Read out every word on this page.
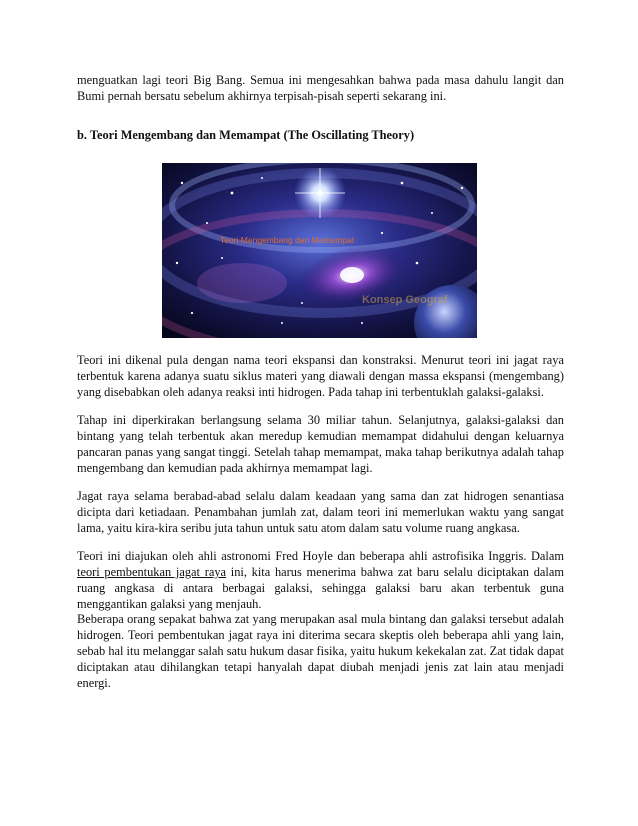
menguatkan lagi teori Big Bang. Semua ini mengesahkan bahwa pada masa dahulu langit dan Bumi pernah bersatu sebelum akhirnya terpisah-pisah seperti sekarang ini.

b. Teori Mengembang dan Memampat (The Oscillating Theory)
Teori Mengembang dan Memampat
Konsep Geograf

Teori ini dikenal pula dengan nama teori ekspansi dan konstraksi. Menurut teori ini jagat raya terbentuk karena adanya suatu siklus materi yang diawali dengan massa ekspansi (mengembang) yang disebabkan oleh adanya reaksi inti hidrogen. Pada tahap ini terbentuklah galaksi-galaksi.

Tahap ini diperkirakan berlangsung selama 30 miliar tahun. Selanjutnya, galaksi-galaksi dan bintang yang telah terbentuk akan meredup kemudian memampat didahului dengan keluarnya pancaran panas yang sangat tinggi. Setelah tahap memampat, maka tahap berikutnya adalah tahap mengembang dan kemudian pada akhirnya memampat lagi.

Jagat raya selama berabad-abad selalu dalam keadaan yang sama dan zat hidrogen senantiasa dicipta dari ketiadaan. Penambahan jumlah zat, dalam teori ini memerlukan waktu yang sangat lama, yaitu kira-kira seribu juta tahun untuk satu atom dalam satu volume ruang angkasa.

Teori ini diajukan oleh ahli astronomi Fred Hoyle dan beberapa ahli astrofisika Inggris. Dalam teori pembentukan jagat raya ini, kita harus menerima bahwa zat baru selalu diciptakan dalam ruang angkasa di antara berbagai galaksi, sehingga galaksi baru akan terbentuk guna menggantikan galaksi yang menjauh.

Beberapa orang sepakat bahwa zat yang merupakan asal mula bintang dan galaksi tersebut adalah hidrogen. Teori pembentukan jagat raya ini diterima secara skeptis oleh beberapa ahli yang lain, sebab hal itu melanggar salah satu hukum dasar fisika, yaitu hukum kekekalan zat. Zat tidak dapat diciptakan atau dihilangkan tetapi hanyalah dapat diubah menjadi jenis zat lain atau menjadi energi.
